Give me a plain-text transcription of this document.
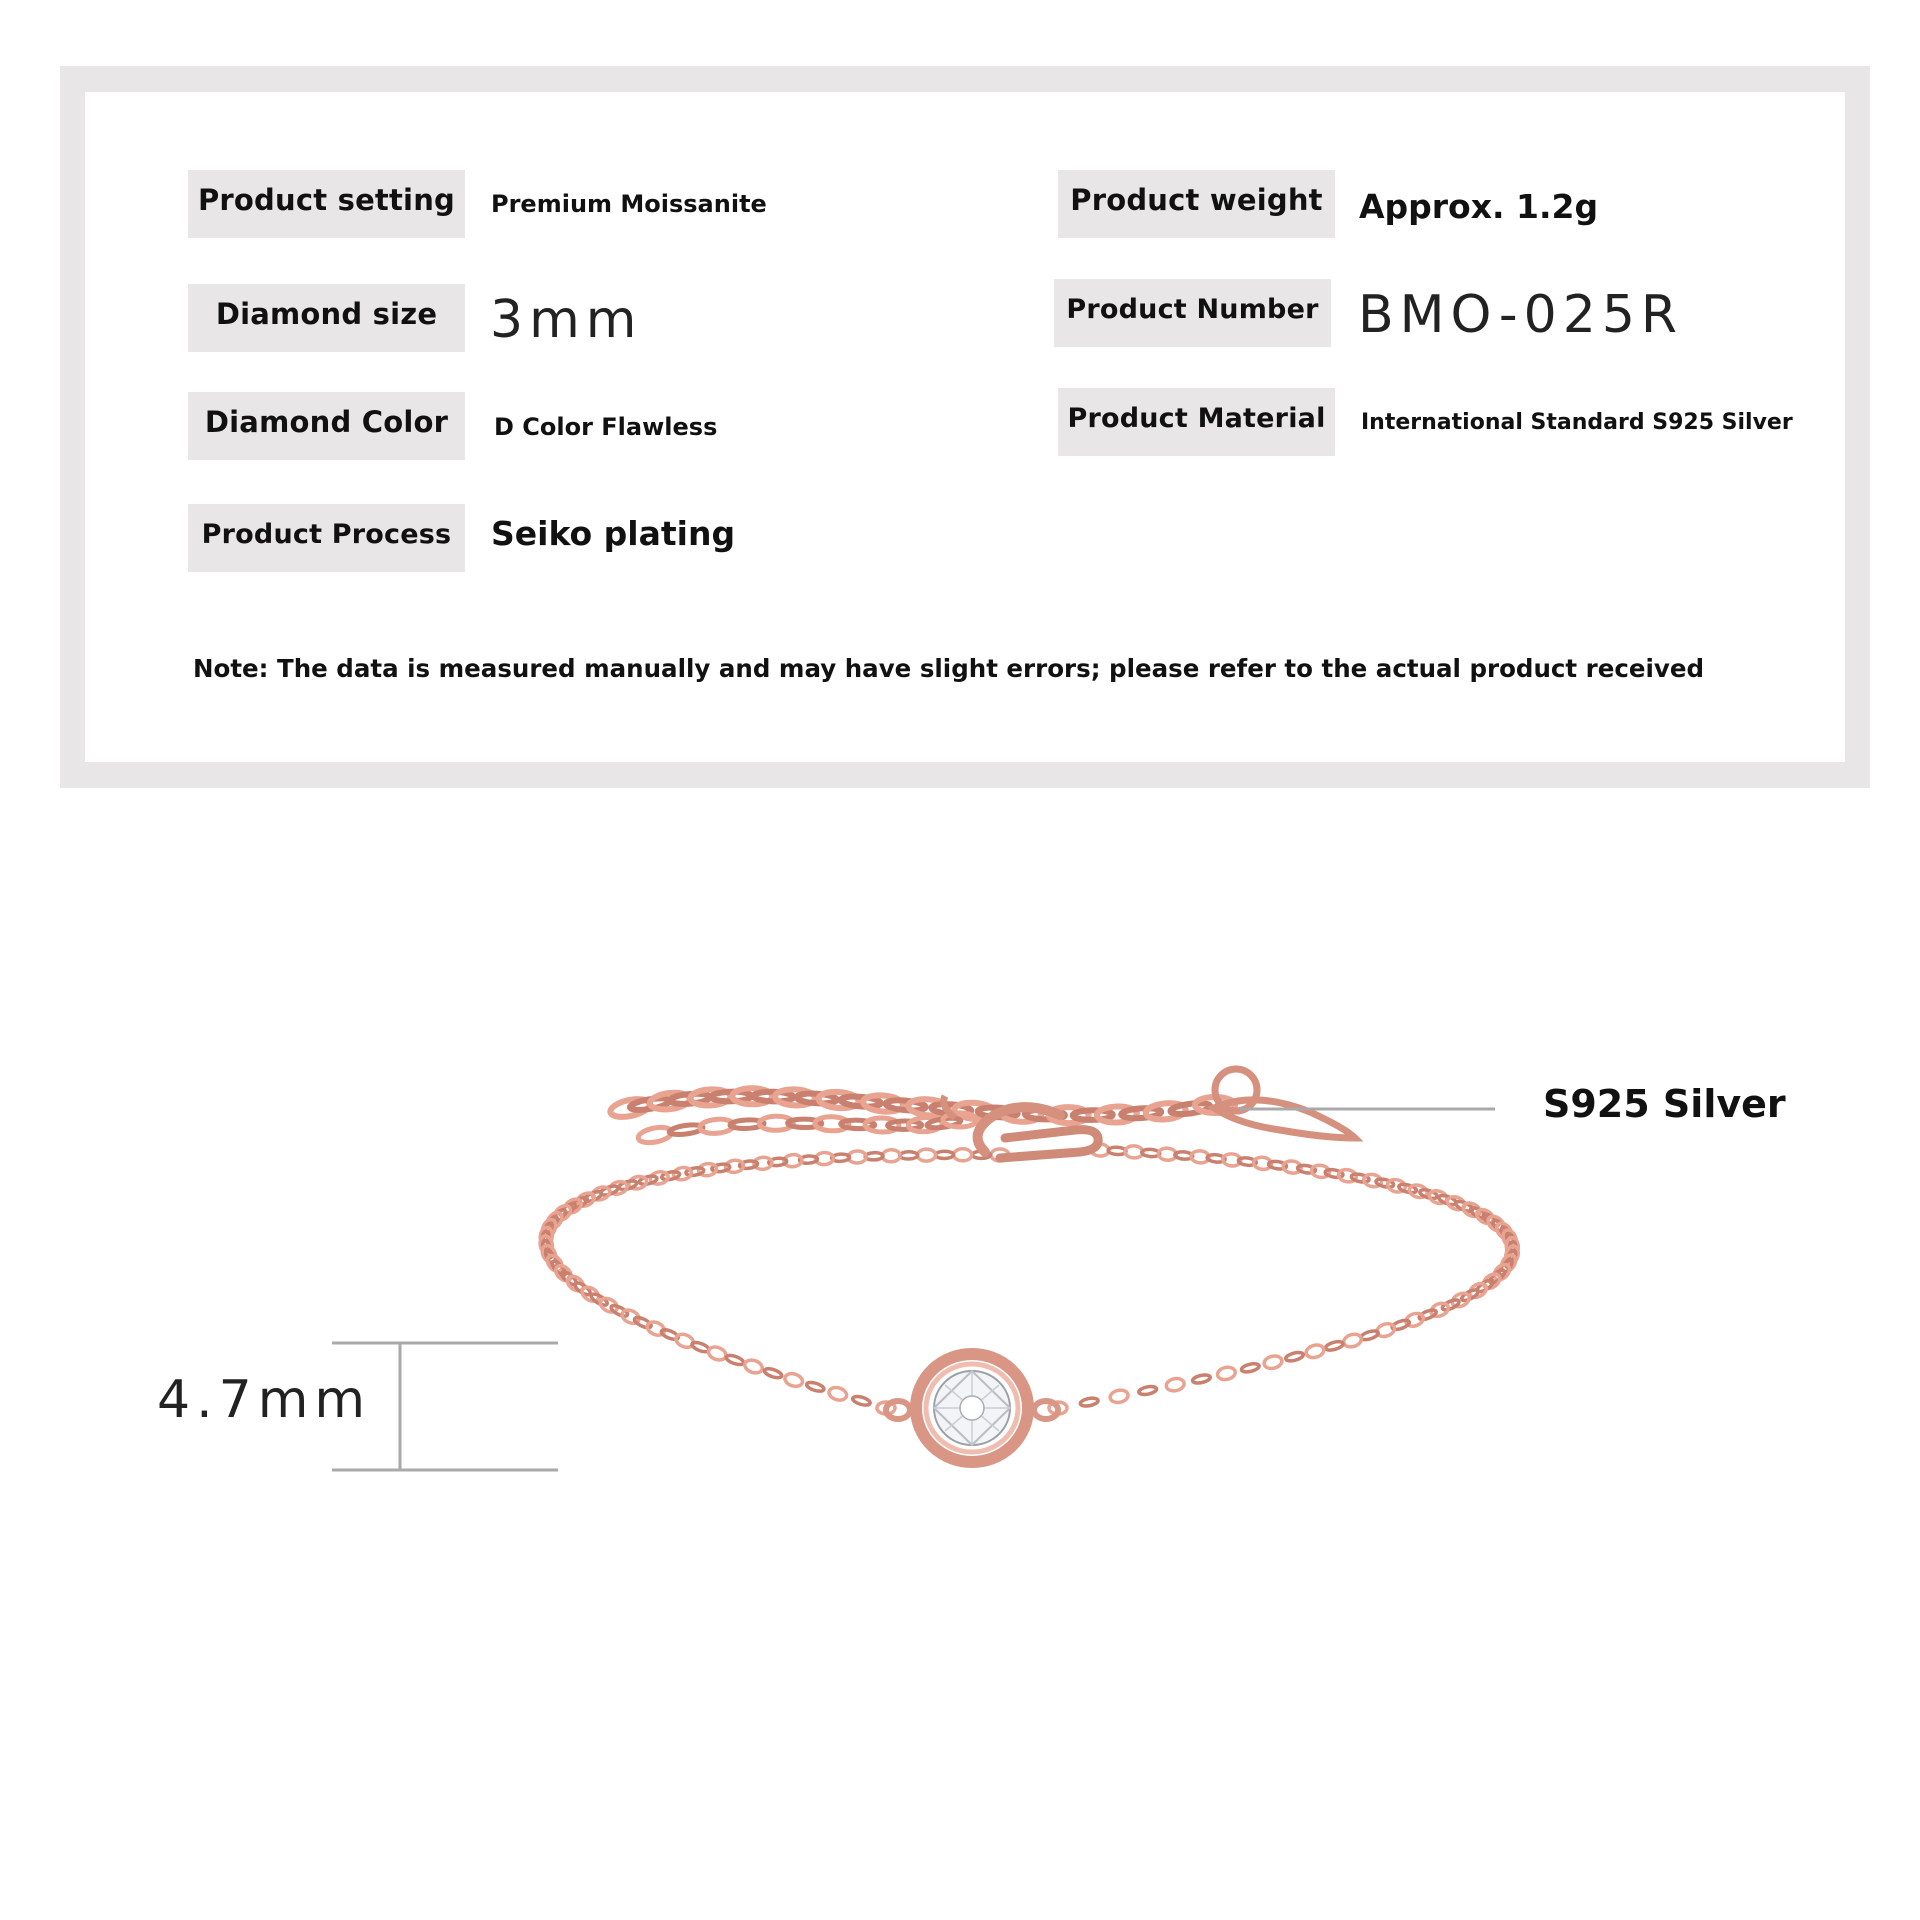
Product setting	Premium Moissanite
Diamond size	3mm
Diamond Color	D Color Flawless
Product Process	Seiko plating
Product weight	Approx. 1.2g
Product Number BMO-025R
Product Material	International Standard S925 Silver
Note: The data is measured manually and may have slight errors; please refer to the actual product received
S925 Silver
4.7mm
